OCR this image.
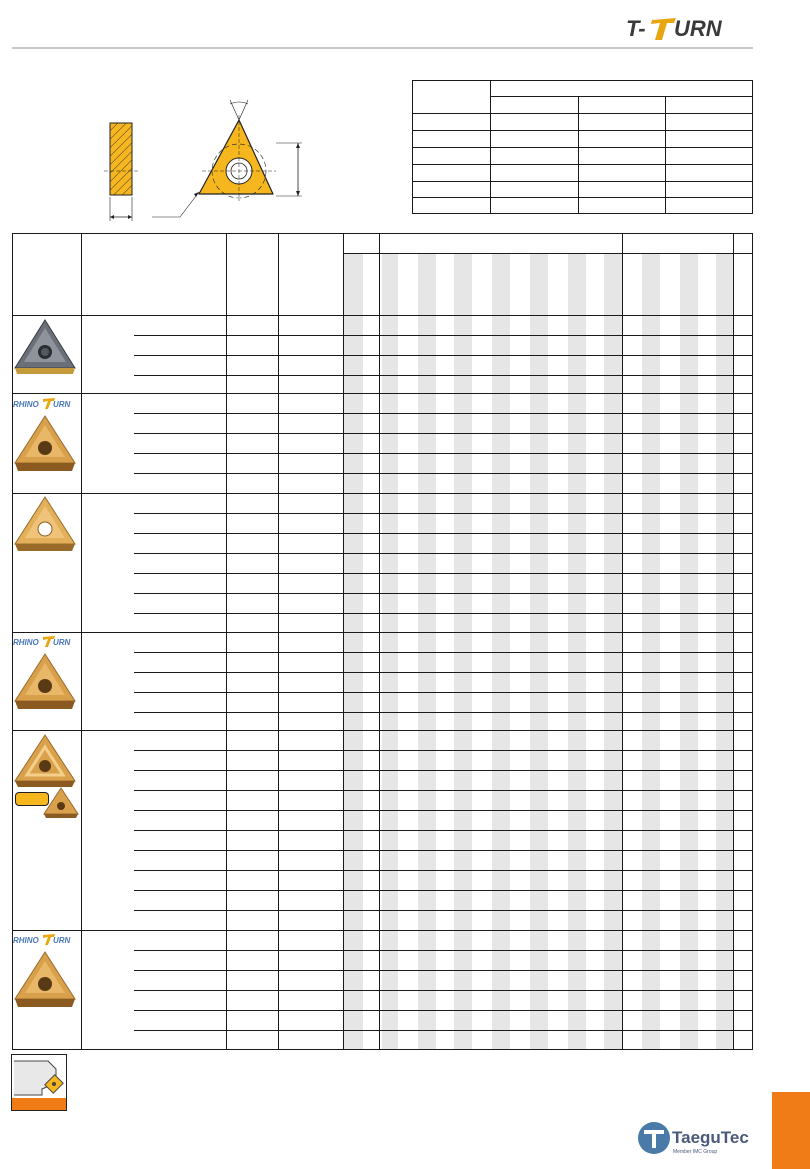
T- URN
RHINO URN
RHINO URN
RHINO URN
TaeguTec
Member IMC Group
